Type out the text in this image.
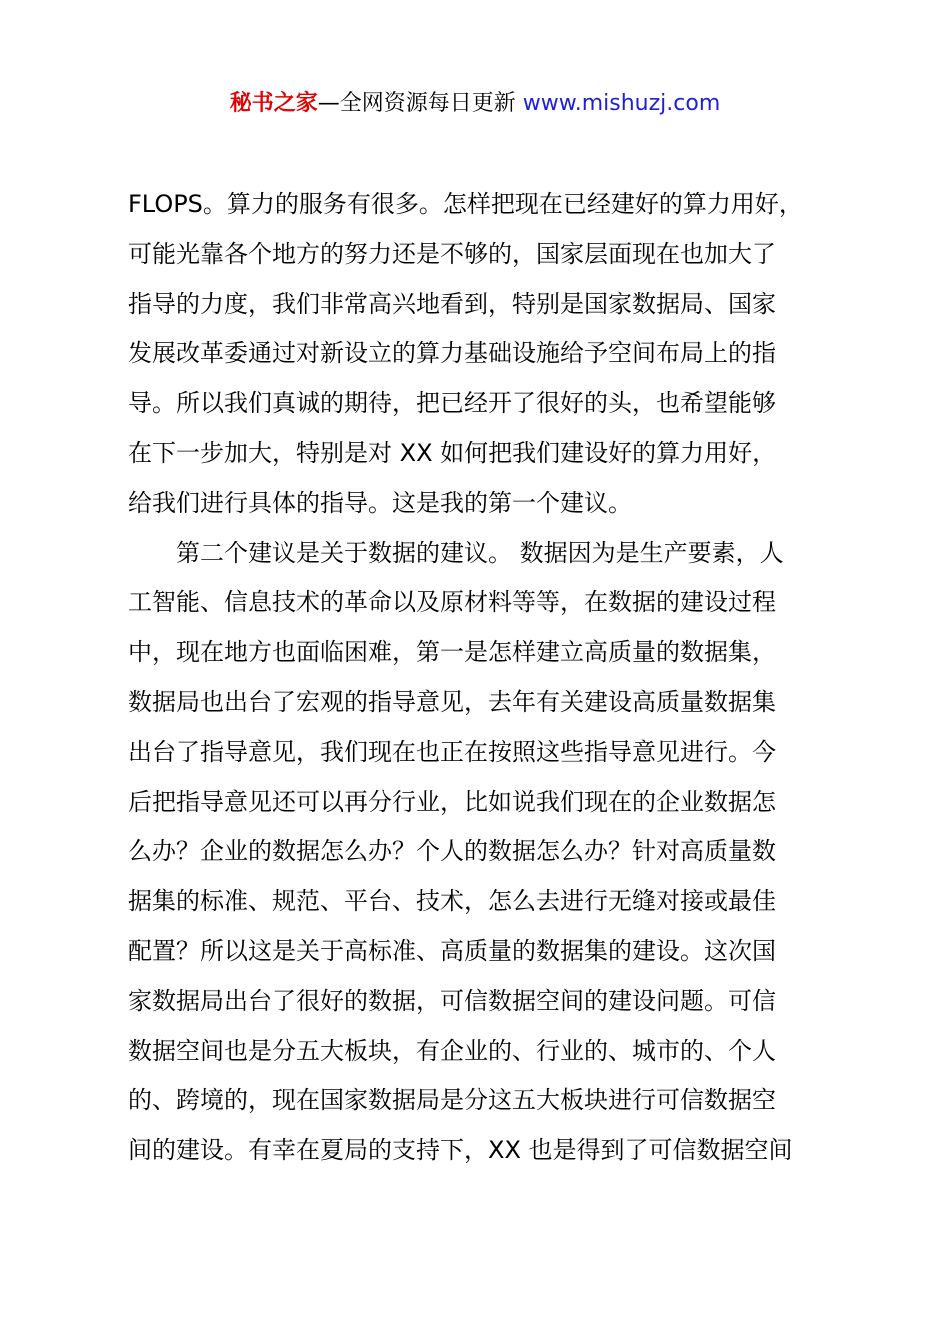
秘书之家—全网资源每日更新 www.mishuzj.com
FLOPS。算力的服务有很多。怎样把现在已经建好的算力用好，
可能光靠各个地方的努力还是不够的，国家层面现在也加大了
指导的力度，我们非常高兴地看到，特别是国家数据局、国家
发展改革委通过对新设立的算力基础设施给予空间布局上的指
导。所以我们真诚的期待，把已经开了很好的头，也希望能够
在下一步加大，特别是对 XX 如何把我们建设好的算力用好，
给我们进行具体的指导。这是我的第一个建议。
第二个建议是关于数据的建议。 数据因为是生产要素，人
工智能、信息技术的革命以及原材料等等，在数据的建设过程
中，现在地方也面临困难，第一是怎样建立高质量的数据集，
数据局也出台了宏观的指导意见，去年有关建设高质量数据集
出台了指导意见，我们现在也正在按照这些指导意见进行。今
后把指导意见还可以再分行业，比如说我们现在的企业数据怎
么办？企业的数据怎么办？个人的数据怎么办？针对高质量数
据集的标准、规范、平台、技术，怎么去进行无缝对接或最佳
配置？所以这是关于高标准、高质量的数据集的建设。这次国
家数据局出台了很好的数据，可信数据空间的建设问题。可信
数据空间也是分五大板块，有企业的、行业的、城市的、个人
的、跨境的，现在国家数据局是分这五大板块进行可信数据空
间的建设。有幸在夏局的支持下，XX 也是得到了可信数据空间
